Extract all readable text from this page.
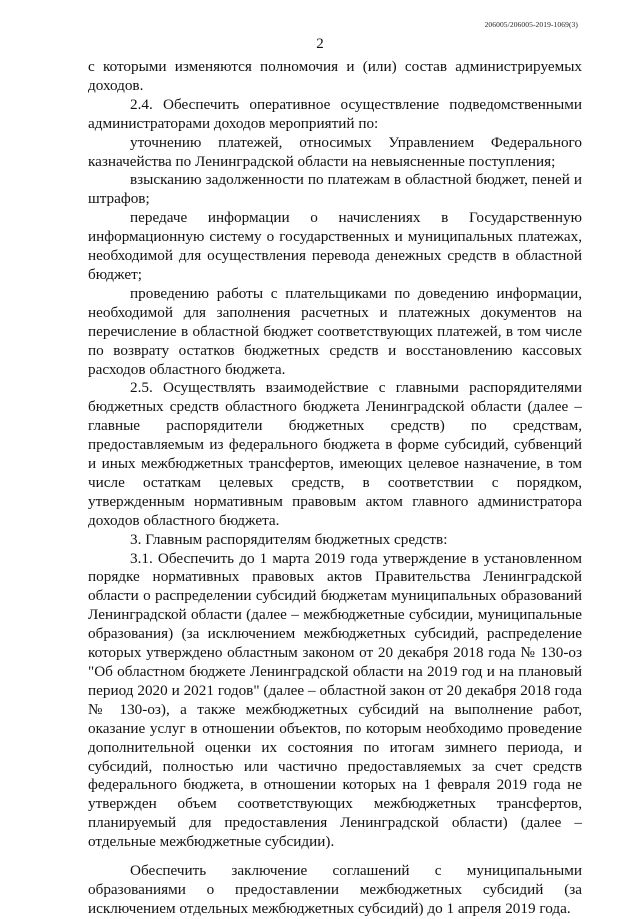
206005/206005-2019-1069(3)
2

с которыми изменяются полномочия и (или) состав администрируемых доходов.

2.4. Обеспечить оперативное осуществление подведомственными администраторами доходов мероприятий по:

уточнению платежей, относимых Управлением Федерального казначейства по Ленинградской области на невыясненные поступления;

взысканию задолженности по платежам в областной бюджет, пеней и штрафов;

передаче информации о начислениях в Государственную информационную систему о государственных и муниципальных платежах, необходимой для осуществления перевода денежных средств в областной бюджет;

проведению работы с плательщиками по доведению информации, необходимой для заполнения расчетных и платежных документов на перечисление в областной бюджет соответствующих платежей, в том числе по возврату остатков бюджетных средств и восстановлению кассовых расходов областного бюджета.

2.5. Осуществлять взаимодействие с главными распорядителями бюджетных средств областного бюджета Ленинградской области (далее – главные распорядители бюджетных средств) по средствам, предоставляемым из федерального бюджета в форме субсидий, субвенций и иных межбюджетных трансфертов, имеющих целевое назначение, в том числе остаткам целевых средств, в соответствии с порядком, утвержденным нормативным правовым актом главного администратора доходов областного бюджета.

3. Главным распорядителям бюджетных средств:

3.1. Обеспечить до 1 марта 2019 года утверждение в установленном порядке нормативных правовых актов Правительства Ленинградской области о распределении субсидий бюджетам муниципальных образований Ленинградской области (далее – межбюджетные субсидии, муниципальные образования) (за исключением межбюджетных субсидий, распределение которых утверждено областным законом от 20 декабря 2018 года № 130-оз "Об областном бюджете Ленинградской области на 2019 год и на плановый период 2020 и 2021 годов" (далее – областной закон от 20 декабря 2018 года № 130-оз), а также межбюджетных субсидий на выполнение работ, оказание услуг в отношении объектов, по которым необходимо проведение дополнительной оценки их состояния по итогам зимнего периода, и субсидий, полностью или частично предоставляемых за счет средств федерального бюджета, в отношении которых на 1 февраля 2019 года не утвержден объем соответствующих межбюджетных трансфертов, планируемый для предоставления Ленинградской области) (далее – отдельные межбюджетные субсидии).

Обеспечить заключение соглашений с муниципальными образованиями о предоставлении межбюджетных субсидий (за исключением отдельных межбюджетных субсидий) до 1 апреля 2019 года.
